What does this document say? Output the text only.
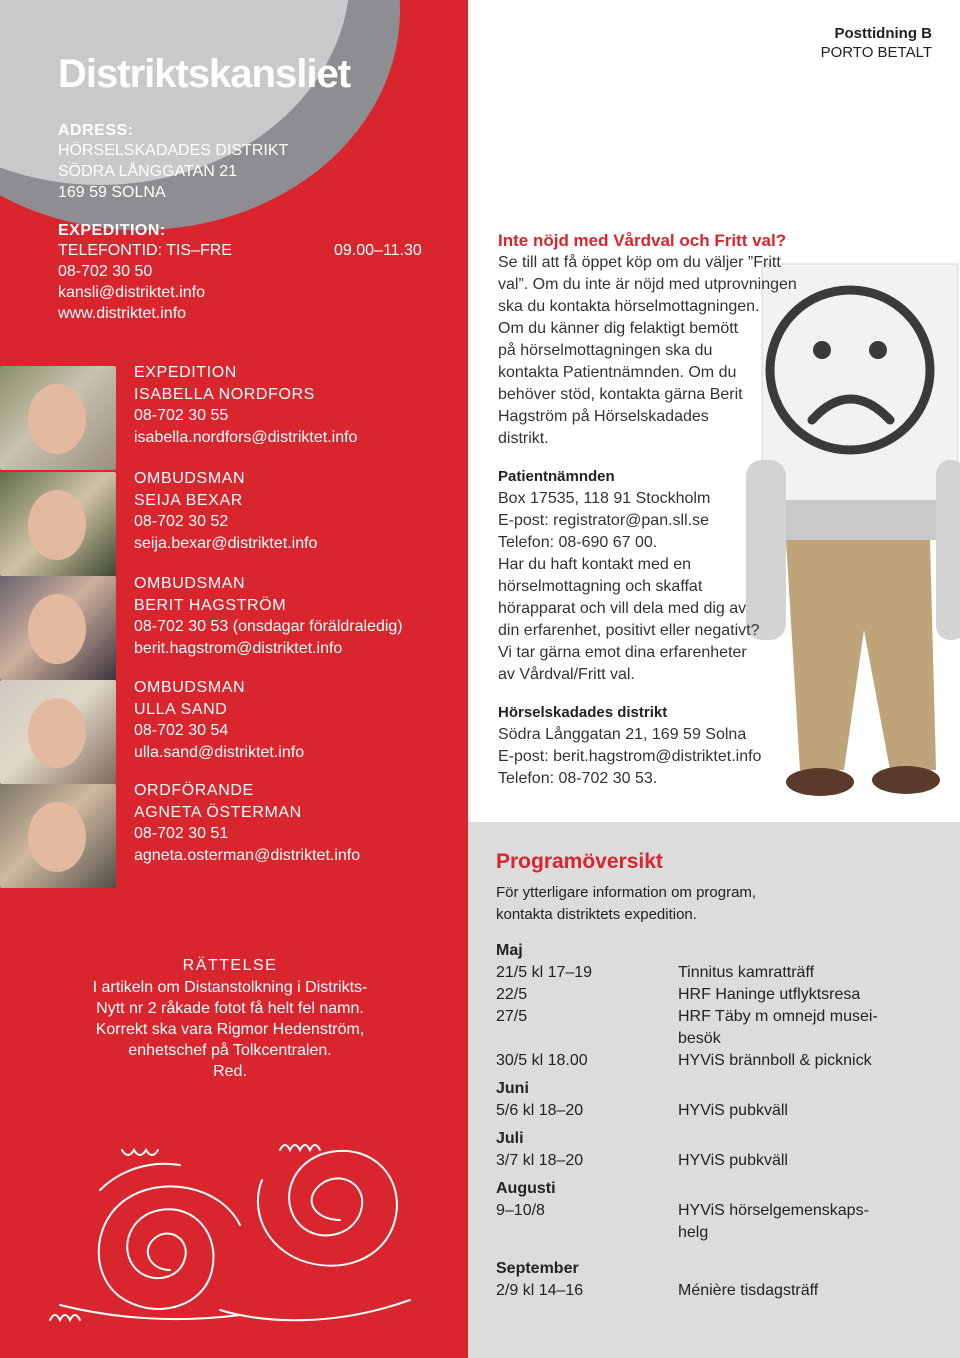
Distriktskansliet
ADRESS:
HÖRSELSKADADES DISTRIKT
SÖDRA LÅNGGATAN 21
169 59 SOLNA
EXPEDITION:
TELEFONTID: TIS–FRE	09.00–11.30
08-702 30 50
kansli@distriktet.info
www.distriktet.info
EXPEDITION
ISABELLA NORDFORS
08-702 30 55
isabella.nordfors@distriktet.info
OMBUDSMAN
SEIJA BEXAR
08-702 30 52
seija.bexar@distriktet.info
OMBUDSMAN
BERIT HAGSTRÖM
08-702 30 53 (onsdagar föräldraledig)
berit.hagstrom@distriktet.info
OMBUDSMAN
ULLA SAND
08-702 30 54
ulla.sand@distriktet.info
ORDFÖRANDE
AGNETA ÖSTERMAN
08-702 30 51
agneta.osterman@distriktet.info
RÄTTELSE
I artikeln om Distanstolkning i Distrikts-
Nytt nr 2 råkade fotot få helt fel namn.
Korrekt ska vara Rigmor Hedenström,
enhetschef på Tolkcentralen.
Red.
Posttidning B
PORTO BETALT
Inte nöjd med Vårdval och Fritt val?
Se till att få öppet köp om du väljer ”Fritt
val”. Om du inte är nöjd med utprovningen
ska du kontakta hörselmottagningen.
Om du känner dig felaktigt bemött
på hörselmottagningen ska du
kontakta Patientnämnden. Om du
behöver stöd, kontakta gärna Berit
Hagström på Hörselskadades
distrikt.
Patientnämnden
Box 17535, 118 91 Stockholm
E-post: registrator@pan.sll.se
Telefon: 08-690 67 00.
Har du haft kontakt med en
hörselmottagning och skaffat
hörapparat och vill dela med dig av
din erfarenhet, positivt eller negativt?
Vi tar gärna emot dina erfarenheter
av Vårdval/Fritt val.
Hörselskadades distrikt
Södra Långgatan 21, 169 59 Solna
E-post: berit.hagstrom@distriktet.info
Telefon: 08-702 30 53.
Programöversikt
För ytterligare information om program,
kontakta distriktets expedition.
Maj
21/5 kl 17–19	Tinnitus kamratträff
22/5	HRF Haninge utflyktsresa
27/5	HRF Täby m omnejd musei-besök
30/5 kl 18.00	HYViS brännboll & picknick
Juni
5/6 kl 18–20	HYViS pubkväll
Juli
3/7 kl 18–20	HYViS pubkväll
Augusti
9–10/8	HYViS hörselgemenskaps-helg
September
2/9 kl 14–16	Ménière tisdagsträff
